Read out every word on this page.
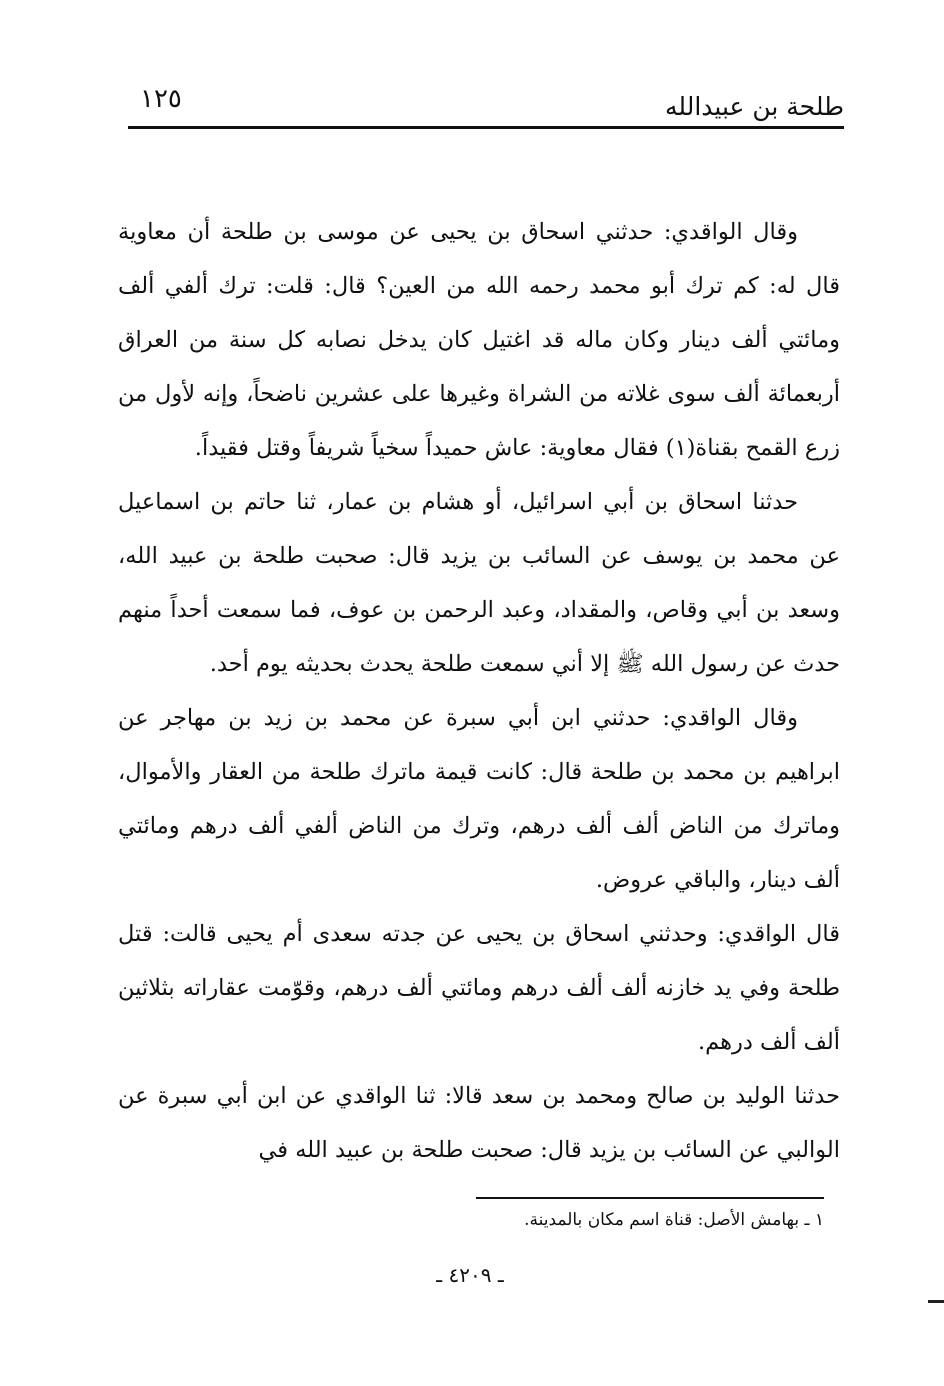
طلحة بن عبيدالله
١٢٥

وقال الواقدي: حدثني اسحاق بن يحيى عن موسى بن طلحة أن معاوية قال له: كم ترك أبو محمد رحمه الله من العين؟ قال: قلت: ترك ألفي ألف ومائتي ألف دينار وكان ماله قد اغتيل كان يدخل نصابه كل سنة من العراق أربعمائة ألف سوى غلاته من الشراة وغيرها على عشرين ناضحاً، وإنه لأول من زرع القمح بقناة(١) فقال معاوية: عاش حميداً سخياً شريفاً وقتل فقيداً.

حدثنا اسحاق بن أبي اسرائيل، أو هشام بن عمار، ثنا حاتم بن اسماعيل عن محمد بن يوسف عن السائب بن يزيد قال: صحبت طلحة بن عبيد الله، وسعد بن أبي وقاص، والمقداد، وعبد الرحمن بن عوف، فما سمعت أحداً منهم حدث عن رسول الله ﷺ إلا أني سمعت طلحة يحدث بحديثه يوم أحد.

وقال الواقدي: حدثني ابن أبي سبرة عن محمد بن زيد بن مهاجر عن ابراهيم بن محمد بن طلحة قال: كانت قيمة ماترك طلحة من العقار والأموال، وماترك من الناض ألف ألف درهم، وترك من الناض ألفي ألف درهم ومائتي ألف دينار، والباقي عروض.

قال الواقدي: وحدثني اسحاق بن يحيى عن جدته سعدى أم يحيى قالت: قتل طلحة وفي يد خازنه ألف ألف درهم ومائتي ألف درهم، وقوّمت عقاراته بثلاثين ألف ألف درهم.

حدثنا الوليد بن صالح ومحمد بن سعد قالا: ثنا الواقدي عن ابن أبي سبرة عن الوالبي عن السائب بن يزيد قال: صحبت طلحة بن عبيد الله في

١ ـ بهامش الأصل: قناة اسم مكان بالمدينة.
ـ ٤٢٠٩ ـ
